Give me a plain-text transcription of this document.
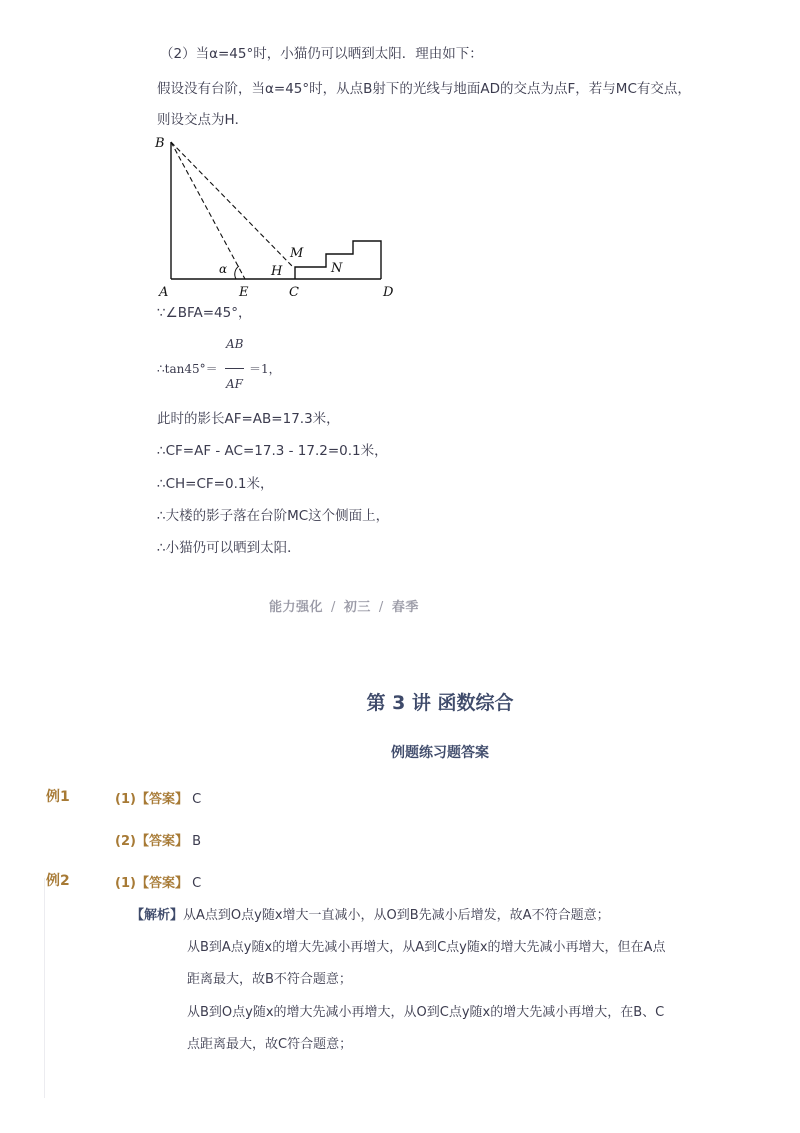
（2）当α=45°时，小猫仍可以晒到太阳．理由如下：
假设没有台阶，当α=45°时，从点B射下的光线与地面AD的交点为点F，若与MC有交点，
则设交点为H．
B
A	E	C	D
M
H	N
α
∵∠BFA=45°，
∴tan45°＝
AB
AF
＝1，
此时的影长AF=AB=17.3米，
∴CF=AF - AC=17.3 - 17.2=0.1米，
∴CH=CF=0.1米，
∴大楼的影子落在台阶MC这个侧面上，
∴小猫仍可以晒到太阳．
能力强化 / 初三 / 春季
第 3 讲 函数综合
例题练习题答案
例1	(1)【答案】 C
(2)【答案】 B
例2	(1)【答案】 C
【解析】从A点到O点y随x增大一直减小，从O到B先减小后增发，故A不符合题意；
从B到A点y随x的增大先减小再增大，从A到C点y随x的增大先减小再增大，但在A点
距离最大，故B不符合题意；
从B到O点y随x的增大先减小再增大，从O到C点y随x的增大先减小再增大，在B、C
点距离最大，故C符合题意；
